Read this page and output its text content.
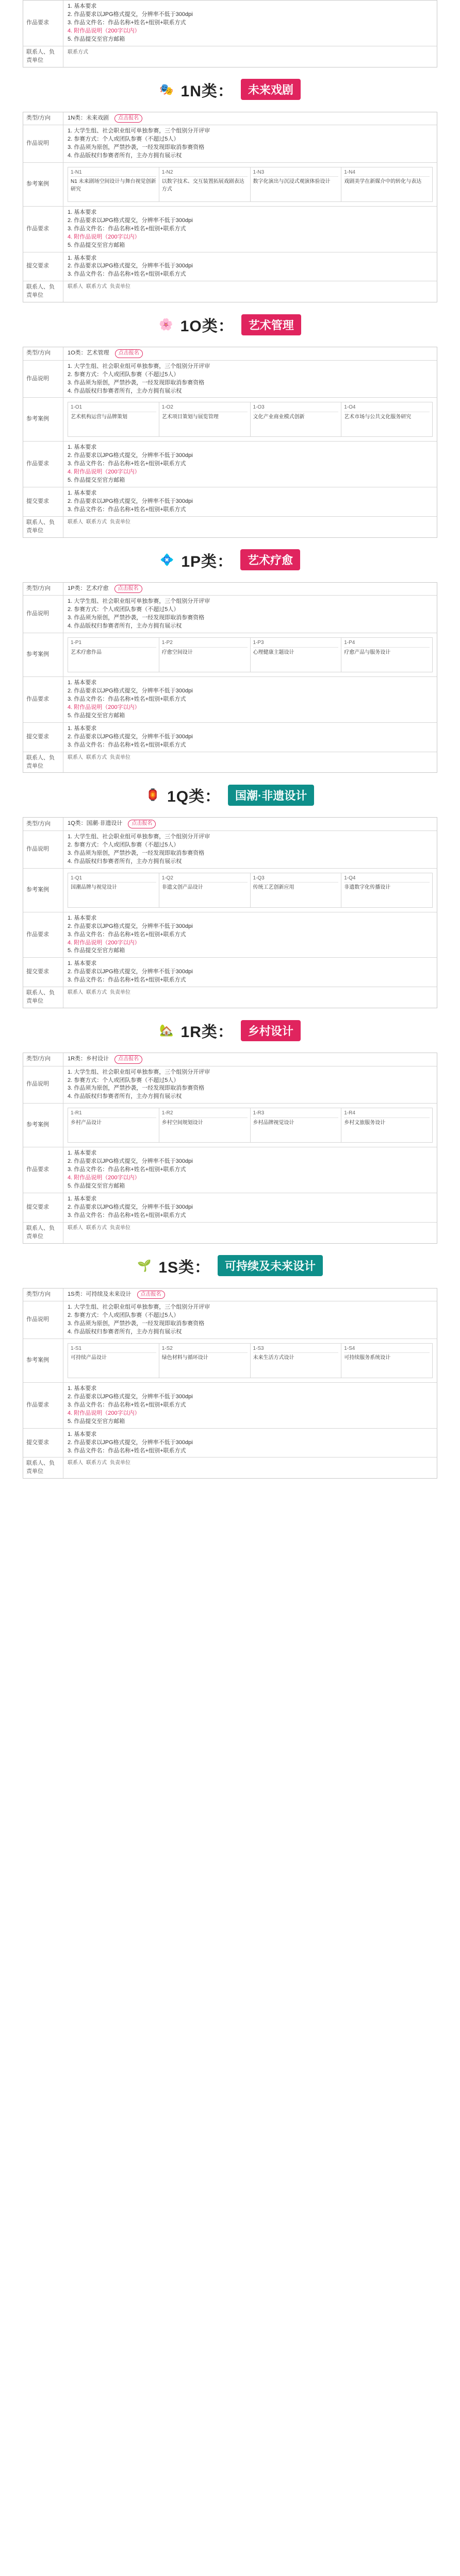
作品要求
1. 基本要求
2. 作品要求以JPG格式提交，分辨率不低于300dpi
3. 作品文件名：作品名称+姓名+组别+联系方式
4. 附作品说明（200字以内）
5. 作品提交至官方邮箱
联系人、负责单位
联系方式
🎭 1N类：	未来戏剧
类型/方向	1N类：未来戏剧 点击报名
作品说明
1. 大学生组、社会职业组可单独参赛，三个组别分开评审
2. 参赛方式：个人或团队参赛（不超过5人）
3. 作品须为原创，严禁抄袭，一经发现即取消参赛资格
4. 作品版权归参赛者所有，主办方拥有展示权
参考案例
1-N1
N1 未来剧场空间设计与舞台视觉创新研究
1-N2
以数字技术、交互装置拓展戏剧表达方式
1-N3
数字化演出与沉浸式观演体验设计
1-N4
戏剧美学在新媒介中的转化与表达
作品要求
1. 基本要求
2. 作品要求以JPG格式提交，分辨率不低于300dpi
3. 作品文件名：作品名称+姓名+组别+联系方式
4. 附作品说明（200字以内）
5. 作品提交至官方邮箱
提交要求
1. 基本要求
2. 作品要求以JPG格式提交，分辨率不低于300dpi
3. 作品文件名：作品名称+姓名+组别+联系方式
联系人、负责单位
联系人 联系方式 负责单位
🌸 1O类：	艺术管理
类型/方向	1O类：艺术管理 点击报名
作品说明
1. 大学生组、社会职业组可单独参赛，三个组别分开评审
2. 参赛方式：个人或团队参赛（不超过5人）
3. 作品须为原创，严禁抄袭，一经发现即取消参赛资格
4. 作品版权归参赛者所有，主办方拥有展示权
参考案例
1-O1
艺术机构运营与品牌策划
1-O2
艺术项目策划与展览管理
1-O3
文化产业商业模式创新
1-O4
艺术市场与公共文化服务研究
作品要求
1. 基本要求
2. 作品要求以JPG格式提交，分辨率不低于300dpi
3. 作品文件名：作品名称+姓名+组别+联系方式
4. 附作品说明（200字以内）
5. 作品提交至官方邮箱
提交要求
1. 基本要求
2. 作品要求以JPG格式提交，分辨率不低于300dpi
3. 作品文件名：作品名称+姓名+组别+联系方式
联系人、负责单位
联系人 联系方式 负责单位
💠 1P类：	艺术疗愈
类型/方向	1P类：艺术疗愈 点击报名
作品说明
1. 大学生组、社会职业组可单独参赛，三个组别分开评审
2. 参赛方式：个人或团队参赛（不超过5人）
3. 作品须为原创，严禁抄袭，一经发现即取消参赛资格
4. 作品版权归参赛者所有，主办方拥有展示权
参考案例
1-P1
艺术疗愈作品
1-P2
疗愈空间设计
1-P3
心理健康主题设计
1-P4
疗愈产品与服务设计
作品要求
1. 基本要求
2. 作品要求以JPG格式提交，分辨率不低于300dpi
3. 作品文件名：作品名称+姓名+组别+联系方式
4. 附作品说明（200字以内）
5. 作品提交至官方邮箱
提交要求
1. 基本要求
2. 作品要求以JPG格式提交，分辨率不低于300dpi
3. 作品文件名：作品名称+姓名+组别+联系方式
联系人、负责单位
联系人 联系方式 负责单位
🏮 1Q类：	国潮·非遗设计
类型/方向	1Q类：国潮·非遗设计 点击报名
作品说明
1. 大学生组、社会职业组可单独参赛，三个组别分开评审
2. 参赛方式：个人或团队参赛（不超过5人）
3. 作品须为原创，严禁抄袭，一经发现即取消参赛资格
4. 作品版权归参赛者所有，主办方拥有展示权
参考案例
1-Q1
国潮品牌与视觉设计
1-Q2
非遗文创产品设计
1-Q3
传统工艺创新应用
1-Q4
非遗数字化传播设计
作品要求
1. 基本要求
2. 作品要求以JPG格式提交，分辨率不低于300dpi
3. 作品文件名：作品名称+姓名+组别+联系方式
4. 附作品说明（200字以内）
5. 作品提交至官方邮箱
提交要求
1. 基本要求
2. 作品要求以JPG格式提交，分辨率不低于300dpi
3. 作品文件名：作品名称+姓名+组别+联系方式
联系人、负责单位
联系人 联系方式 负责单位
🏡 1R类：	乡村设计
类型/方向	1R类：乡村设计 点击报名
作品说明
1. 大学生组、社会职业组可单独参赛，三个组别分开评审
2. 参赛方式：个人或团队参赛（不超过5人）
3. 作品须为原创，严禁抄袭，一经发现即取消参赛资格
4. 作品版权归参赛者所有，主办方拥有展示权
参考案例
1-R1
乡村产品设计
1-R2
乡村空间规划设计
1-R3
乡村品牌视觉设计
1-R4
乡村文旅服务设计
作品要求
1. 基本要求
2. 作品要求以JPG格式提交，分辨率不低于300dpi
3. 作品文件名：作品名称+姓名+组别+联系方式
4. 附作品说明（200字以内）
5. 作品提交至官方邮箱
提交要求
1. 基本要求
2. 作品要求以JPG格式提交，分辨率不低于300dpi
3. 作品文件名：作品名称+姓名+组别+联系方式
联系人、负责单位
联系人 联系方式 负责单位
🌱 1S类：	可持续及未来设计
类型/方向	1S类：可持续及未来设计 点击报名
作品说明
1. 大学生组、社会职业组可单独参赛，三个组别分开评审
2. 参赛方式：个人或团队参赛（不超过5人）
3. 作品须为原创，严禁抄袭，一经发现即取消参赛资格
4. 作品版权归参赛者所有，主办方拥有展示权
参考案例
1-S1
可持续产品设计
1-S2
绿色材料与循环设计
1-S3
未来生活方式设计
1-S4
可持续服务系统设计
作品要求
1. 基本要求
2. 作品要求以JPG格式提交，分辨率不低于300dpi
3. 作品文件名：作品名称+姓名+组别+联系方式
4. 附作品说明（200字以内）
5. 作品提交至官方邮箱
提交要求
1. 基本要求
2. 作品要求以JPG格式提交，分辨率不低于300dpi
3. 作品文件名：作品名称+姓名+组别+联系方式
联系人、负责单位
联系人 联系方式 负责单位
